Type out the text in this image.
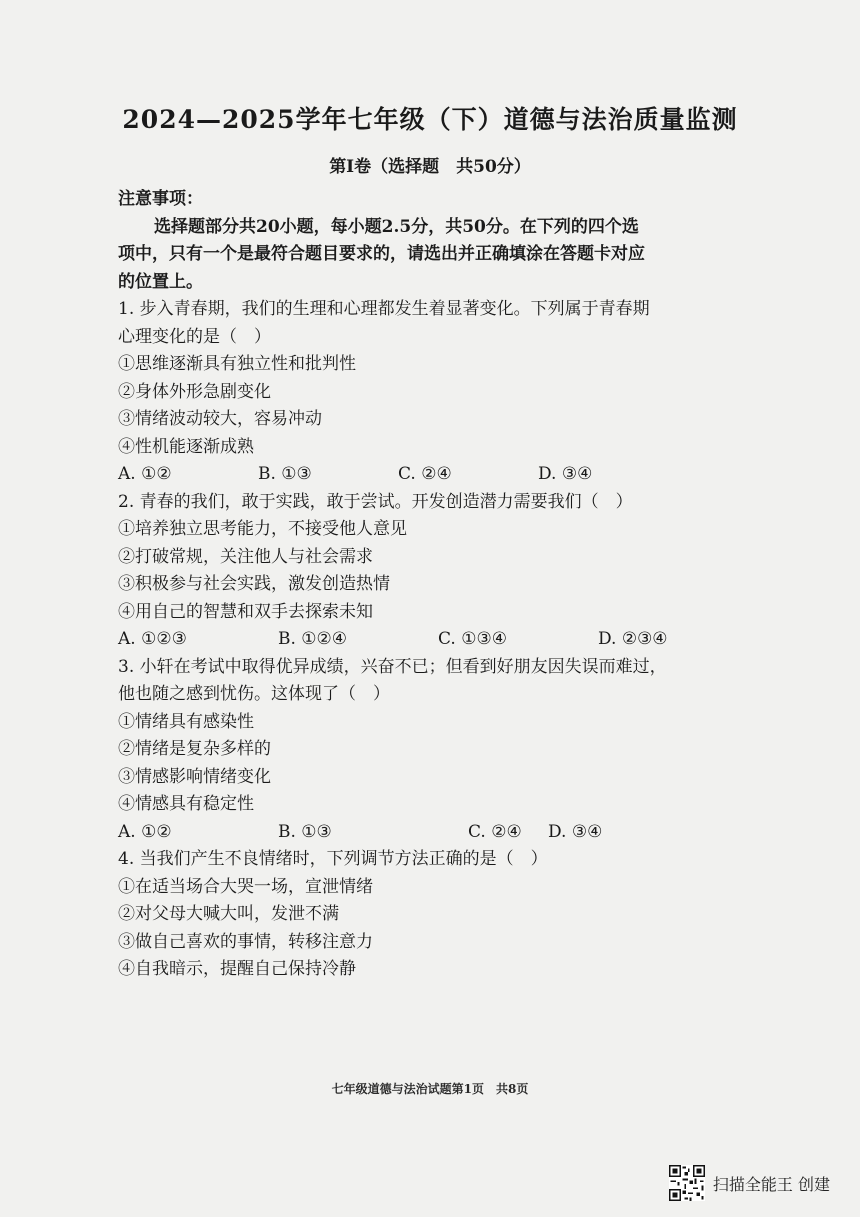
2024—2025学年七年级（下）道德与法治质量监测
第Ⅰ卷（选择题　共50分）
注意事项：
选择题部分共20小题，每小题2.5分，共50分。在下列的四个选
项中，只有一个是最符合题目要求的，请选出并正确填涂在答题卡对应
的位置上。
1. 步入青春期，我们的生理和心理都发生着显著变化。下列属于青春期
心理变化的是（　）
①思维逐渐具有独立性和批判性
②身体外形急剧变化
③情绪波动较大，容易冲动
④性机能逐渐成熟
A. ①②	B. ①③	C. ②④	D. ③④
2. 青春的我们，敢于实践，敢于尝试。开发创造潜力需要我们（　）
①培养独立思考能力，不接受他人意见
②打破常规，关注他人与社会需求
③积极参与社会实践，激发创造热情
④用自己的智慧和双手去探索未知
A. ①②③	B. ①②④	C. ①③④	D. ②③④
3. 小轩在考试中取得优异成绩，兴奋不已；但看到好朋友因失误而难过，
他也随之感到忧伤。这体现了（　）
①情绪具有感染性
②情绪是复杂多样的
③情感影响情绪变化
④情感具有稳定性
A. ①②	B. ①③	C. ②④	D. ③④
4. 当我们产生不良情绪时，下列调节方法正确的是（　）
①在适当场合大哭一场，宣泄情绪
②对父母大喊大叫，发泄不满
③做自己喜欢的事情，转移注意力
④自我暗示，提醒自己保持冷静
七年级道德与法治试题第1页　共8页
扫描全能王 创建
